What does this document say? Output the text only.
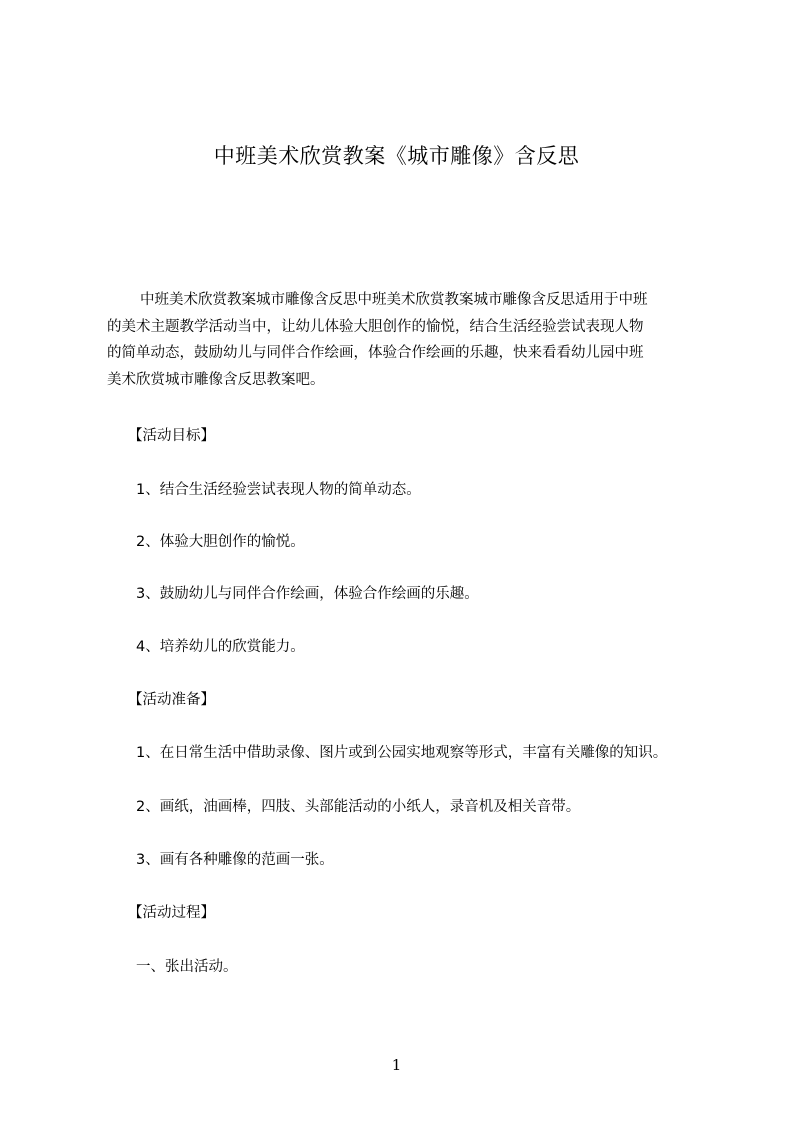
中班美术欣赏教案《城市雕像》含反思
中班美术欣赏教案城市雕像含反思中班美术欣赏教案城市雕像含反思适用于中班
的美术主题教学活动当中，让幼儿体验大胆创作的愉悦，结合生活经验尝试表现人物
的简单动态，鼓励幼儿与同伴合作绘画，体验合作绘画的乐趣，快来看看幼儿园中班
美术欣赏城市雕像含反思教案吧。
【活动目标】
1、结合生活经验尝试表现人物的简单动态。
2、体验大胆创作的愉悦。
3、鼓励幼儿与同伴合作绘画，体验合作绘画的乐趣。
4、培养幼儿的欣赏能力。
【活动准备】
1、在日常生活中借助录像、图片或到公园实地观察等形式，丰富有关雕像的知识。
2、画纸，油画棒，四肢、头部能活动的小纸人，录音机及相关音带。
3、画有各种雕像的范画一张。
【活动过程】
一、张出活动。
1
